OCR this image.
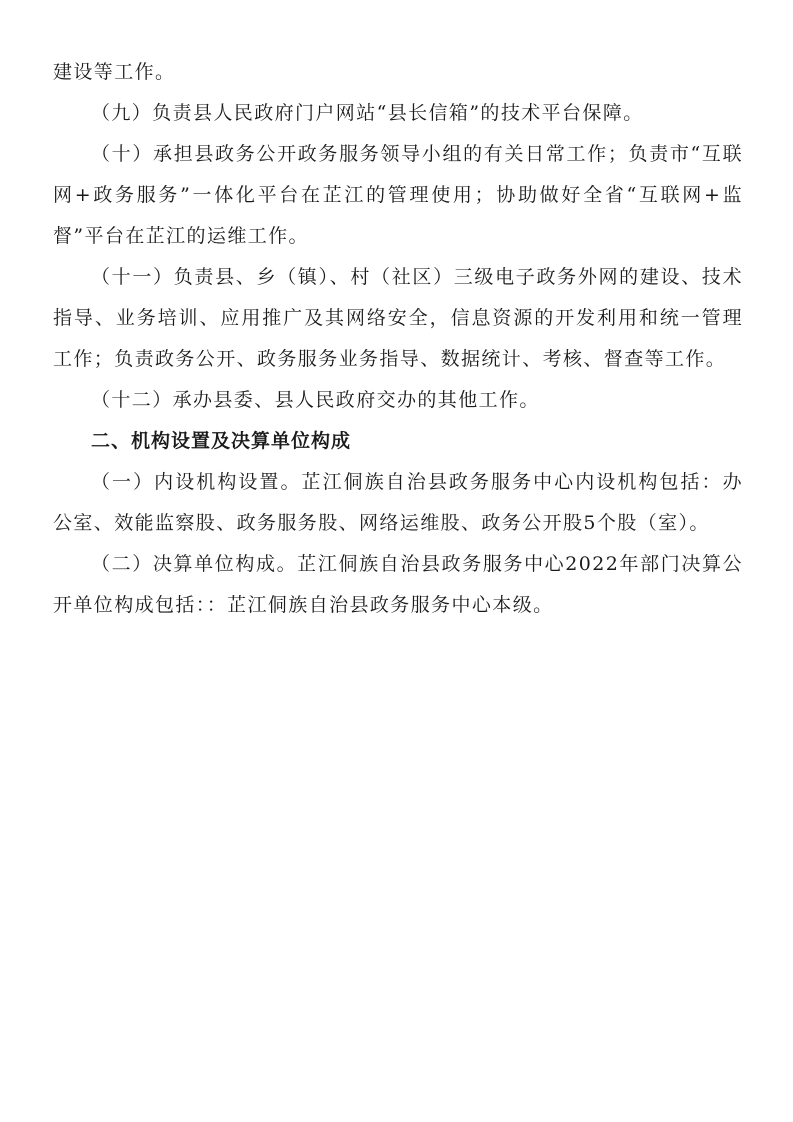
建设等工作。

（九）负责县人民政府门户网站“县长信箱”的技术平台保障。

（十）承担县政务公开政务服务领导小组的有关日常工作；负责市“互联网+政务服务”一体化平台在芷江的管理使用；协助做好全省“互联网+监督”平台在芷江的运维工作。

（十一）负责县、乡（镇）、村（社区）三级电子政务外网的建设、技术指导、业务培训、应用推广及其网络安全，信息资源的开发利用和统一管理工作；负责政务公开、政务服务业务指导、数据统计、考核、督查等工作。

（十二）承办县委、县人民政府交办的其他工作。

二、机构设置及决算单位构成

（一）内设机构设置。芷江侗族自治县政务服务中心内设机构包括：办公室、效能监察股、政务服务股、网络运维股、政务公开股5个股（室）。

（二）决算单位构成。芷江侗族自治县政务服务中心2022年部门决算公开单位构成包括：：芷江侗族自治县政务服务中心本级。
